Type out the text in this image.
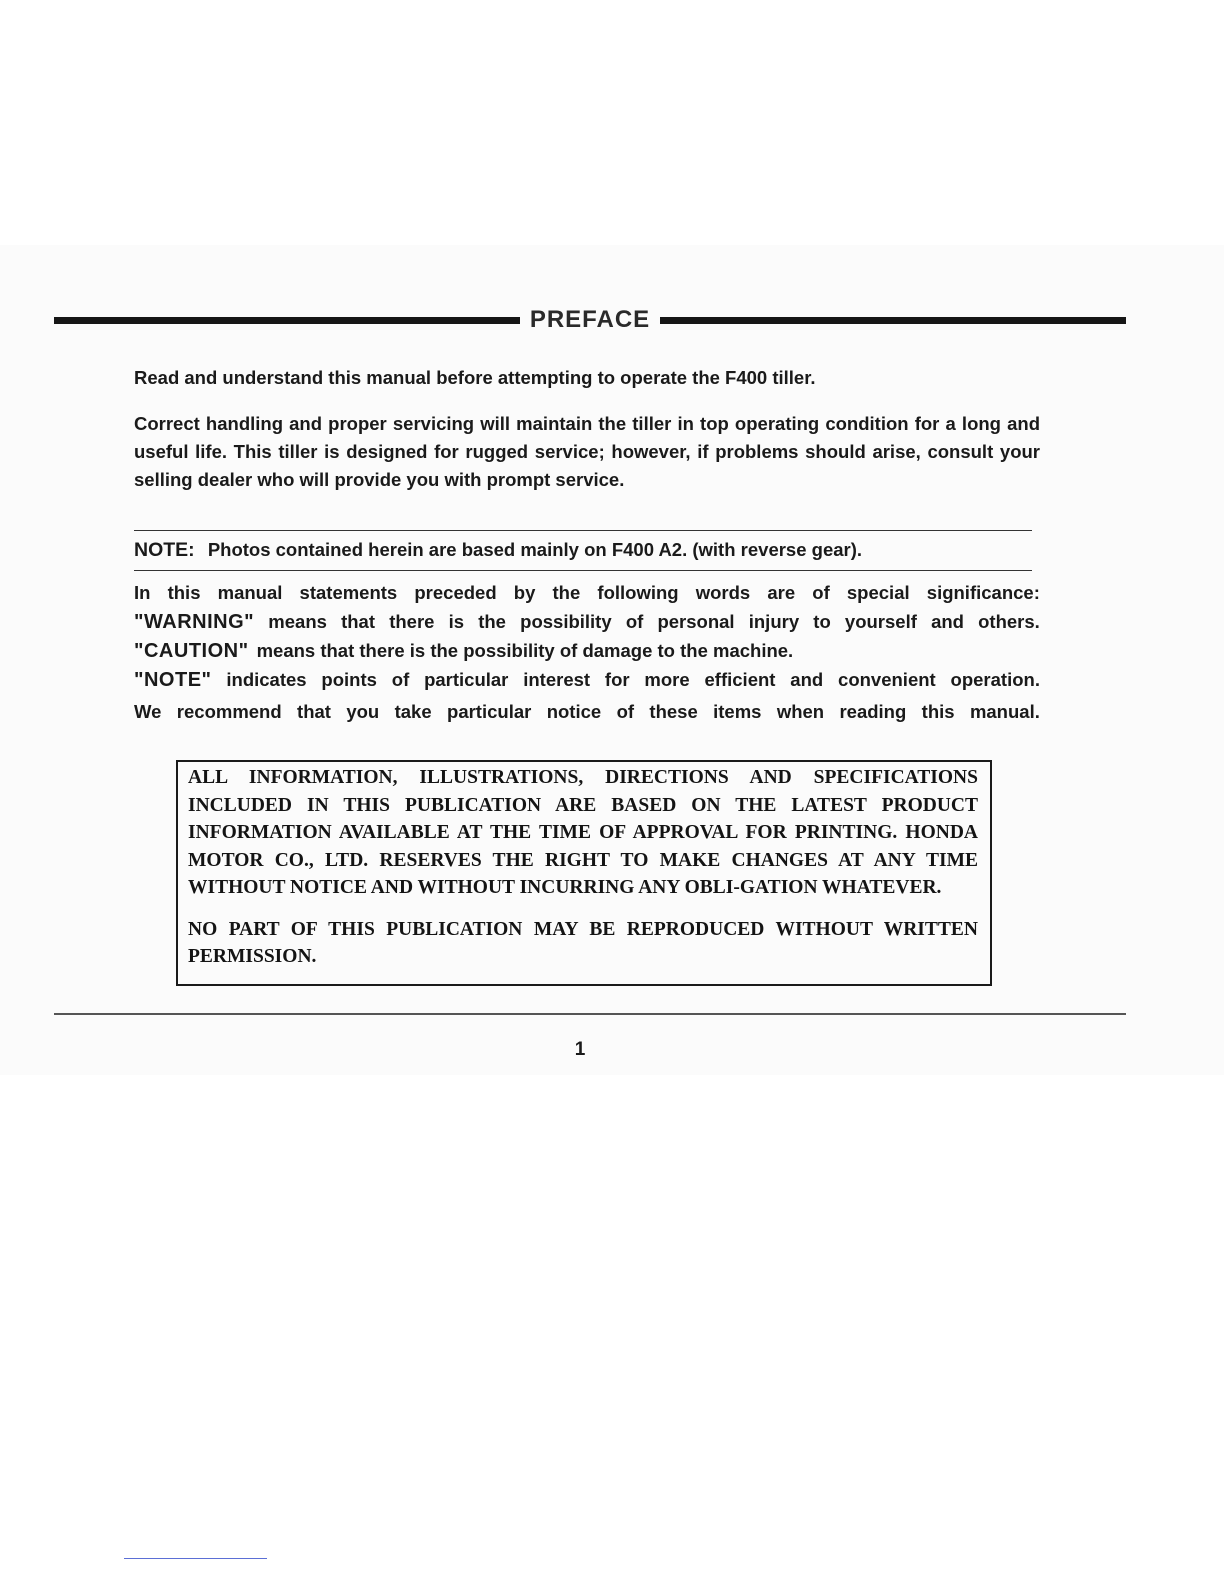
PREFACE
Read and understand this manual before attempting to operate the F400 tiller.
Correct handling and proper servicing will maintain the tiller in top operating condition for a long and useful life. This tiller is designed for rugged service; however, if problems should arise, consult your selling dealer who will provide you with prompt service.
NOTE: Photos contained herein are based mainly on F400 A2. (with reverse gear).
In this manual statements preceded by the following words are of special significance:
"WARNING" means that there is the possibility of personal injury to yourself and others.
"CAUTION" means that there is the possibility of damage to the machine.
"NOTE" indicates points of particular interest for more efficient and convenient operation.
We recommend that you take particular notice of these items when reading this manual.

ALL INFORMATION, ILLUSTRATIONS, DIRECTIONS AND SPECIFICATIONS INCLUDED IN THIS PUBLICATION ARE BASED ON THE LATEST PRODUCT INFORMATION AVAILABLE AT THE TIME OF APPROVAL FOR PRINTING. HONDA MOTOR CO., LTD. RESERVES THE RIGHT TO MAKE CHANGES AT ANY TIME WITHOUT NOTICE AND WITHOUT INCURRING ANY OBLI-GATION WHATEVER.

NO PART OF THIS PUBLICATION MAY BE REPRODUCED WITHOUT WRITTEN PERMISSION.

1
